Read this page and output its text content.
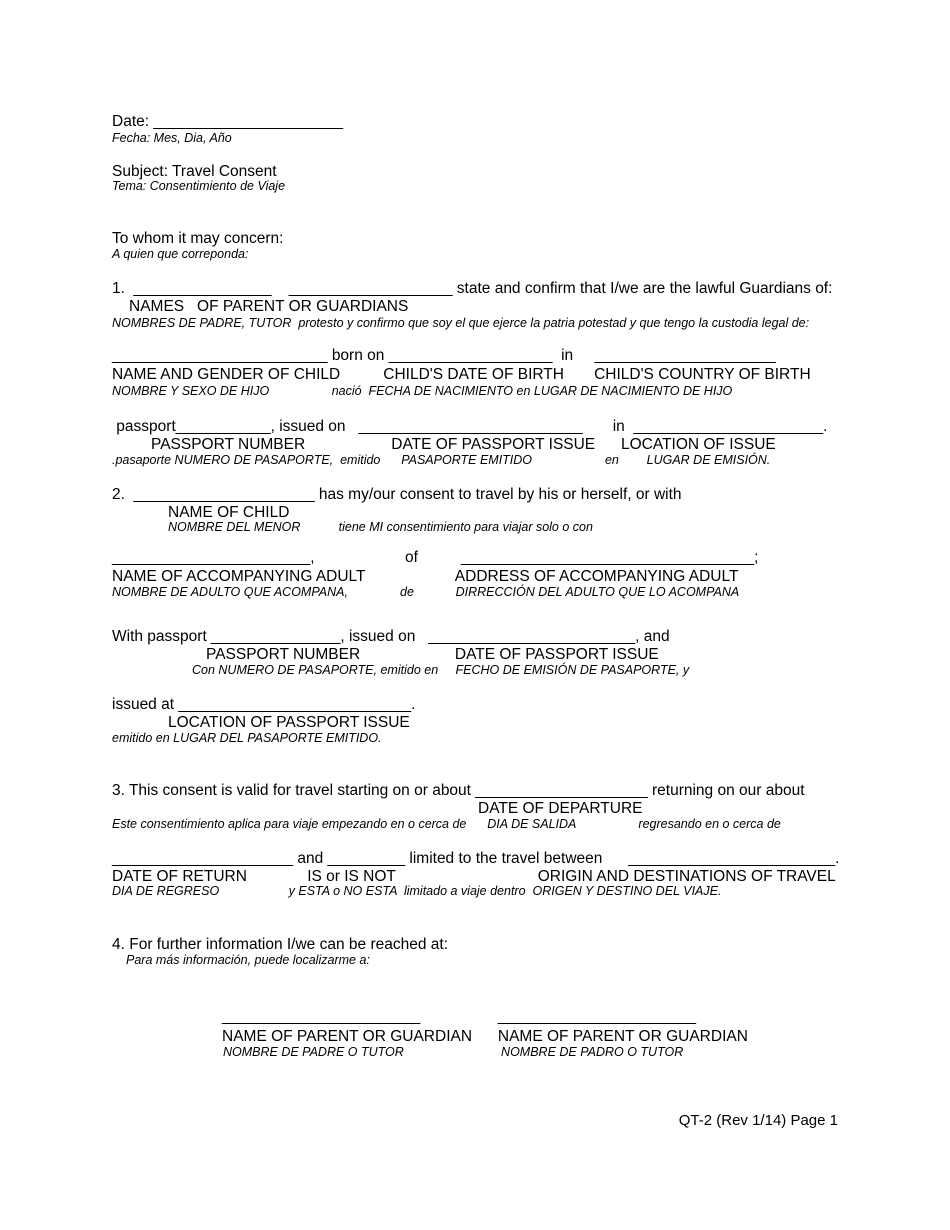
Date: ______________________
Fecha: Mes, Dia, Año
Subject: Travel Consent
Tema: Consentimiento de Viaje
To whom it may concern:
A quien que correponda:
1.  ________________    ___________________ state and confirm that I/we are the lawful Guardians of:
NAMES   OF PARENT OR GUARDIANS
NOMBRES DE PADRE, TUTOR  protesto y confirmo que soy el que ejerce la patria potestad y que tengo la custodia legal de:
_________________________ born on ___________________  in     _____________________
NAME AND GENDER OF CHILD          CHILD'S DATE OF BIRTH       CHILD'S COUNTRY OF BIRTH
NOMBRE Y SEXO DE HIJO                  nació  FECHA DE NACIMIENTO en LUGAR DE NACIMIENTO DE HIJO
passport___________, issued on   __________________________       in  ______________________.
PASSPORT NUMBER                    DATE OF PASSPORT ISSUE      LOCATION OF ISSUE
.pasaporte NUMERO DE PASAPORTE,  emitido      PASAPORTE EMITIDO                     en        LUGAR DE EMISIÓN.
2.  _____________________ has my/our consent to travel by his or herself, or with
NAME OF CHILD
NOMBRE DEL MENOR           tiene MI consentimiento para viajar solo o con
_______________________,                     of          __________________________________;
NAME OF ACCOMPANYING ADULT                     ADDRESS OF ACCOMPANYING ADULT
NOMBRE DE ADULTO QUE ACOMPANA,               de            DIRRECCIÓN DEL ADULTO QUE LO ACOMPANA
With passport _______________, issued on   ________________________, and
PASSPORT NUMBER                      DATE OF PASSPORT ISSUE
Con NUMERO DE PASAPORTE, emitido en     FECHO DE EMISIÓN DE PASAPORTE, y
issued at ___________________________.
LOCATION OF PASSPORT ISSUE
emitido en LUGAR DEL PASAPORTE EMITIDO.
3. This consent is valid for travel starting on or about ____________________ returning on our about
DATE OF DEPARTURE
Este consentimiento aplica para viaje empezando en o cerca de      DIA DE SALIDA                  regresando en o cerca de
_____________________ and _________ limited to the travel between      ________________________.
DATE OF RETURN              IS or IS NOT                                 ORIGIN AND DESTINATIONS OF TRAVEL
DIA DE REGRESO                    y ESTA o NO ESTA  limitado a viaje dentro  ORIGEN Y DESTINO DEL VIAJE.
4. For further information I/we can be reached at:
Para más información, puede localizarme a:
_______________________                  _______________________
NAME OF PARENT OR GUARDIAN      NAME OF PARENT OR GUARDIAN
NOMBRE DE PADRE O TUTOR                            NOMBRE DE PADRO O TUTOR
QT-2 (Rev 1/14) Page 1
